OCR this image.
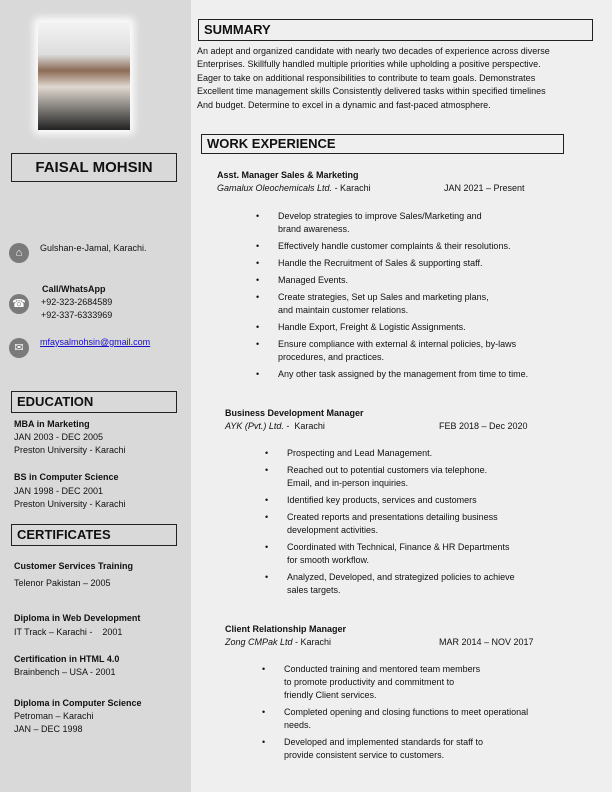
FAISAL MOHSIN
⌂	Gulshan-e-Jamal, Karachi.
☎
Call/WhatsApp
+92-323-2684589
+92-337-6333969
✉	mfaysalmohsin@gmail.com
EDUCATION
MBA in Marketing
JAN 2003 - DEC 2005
Preston University - Karachi
BS in Computer Science
JAN 1998 - DEC 2001
Preston University - Karachi
CERTIFICATES
Customer Services Training
Telenor Pakistan – 2005
Diploma in Web Development
IT Track – Karachi -    2001
Certification in HTML 4.0
Brainbench – USA - 2001
Diploma in Computer Science
Petroman – Karachi
JAN – DEC 1998
SUMMARY
An adept and organized candidate with nearly two decades of experience across diverse
Enterprises. Skillfully handled multiple priorities while upholding a positive perspective.
Eager to take on additional responsibilities to contribute to team goals. Demonstrates
Excellent time management skills Consistently delivered tasks within specified timelines
And budget. Determine to excel in a dynamic and fast-paced atmosphere.
WORK EXPERIENCE
Asst. Manager Sales & Marketing
Gamalux Oleochemicals Ltd. - Karachi	JAN 2021 – Present
• Develop strategies to improve Sales/Marketing and
brand awareness.
• Effectively handle customer complaints & their resolutions.
• Handle the Recruitment of Sales & supporting staff.
• Managed Events.
• Create strategies, Set up Sales and marketing plans,
and maintain customer relations.
• Handle Export, Freight & Logistic Assignments.
• Ensure compliance with external & internal policies, by-laws
procedures, and practices.
• Any other task assigned by the management from time to time.
Business Development Manager
AYK (Pvt.) Ltd. -  Karachi	FEB 2018 – Dec 2020
• Prospecting and Lead Management.
• Reached out to potential customers via telephone.
Email, and in-person inquiries.
• Identified key products, services and customers
• Created reports and presentations detailing business
development activities.
• Coordinated with Technical, Finance & HR Departments
for smooth workflow.
• Analyzed, Developed, and strategized policies to achieve
sales targets.
Client Relationship Manager
Zong CMPak Ltd - Karachi	MAR 2014 – NOV 2017
• Conducted training and mentored team members
to promote productivity and commitment to
friendly Client services.
• Completed opening and closing functions to meet operational
needs.
• Developed and implemented standards for staff to
provide consistent service to customers.
